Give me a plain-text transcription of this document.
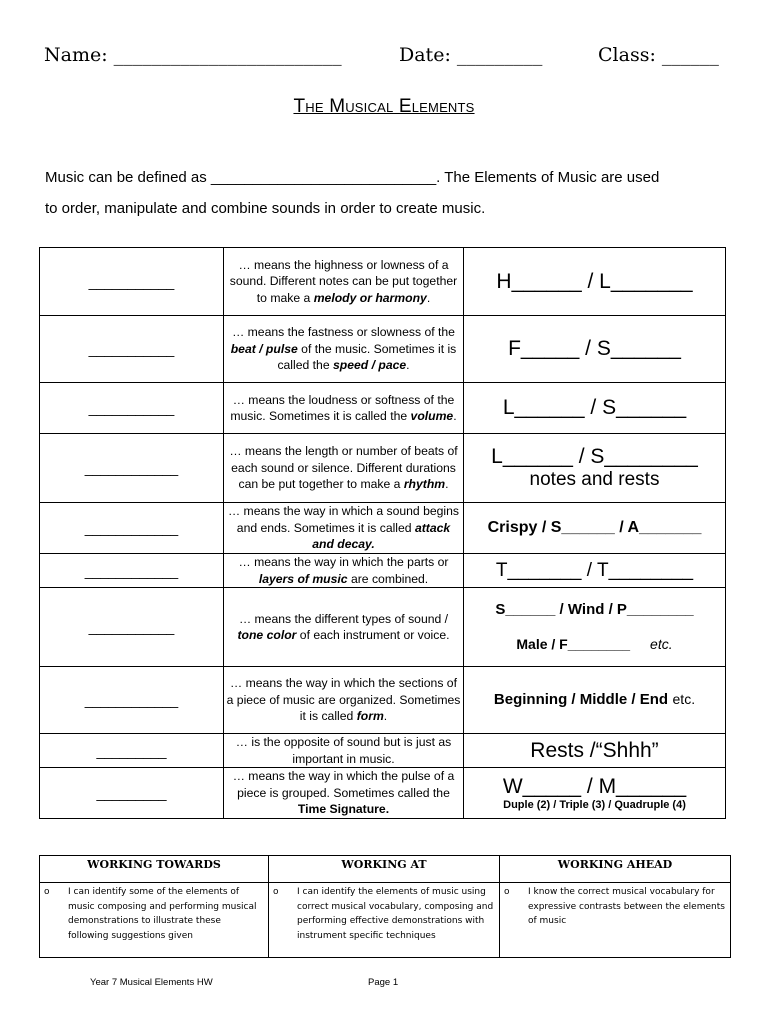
Name: ________________________	Date: _________	Class: ______
The Musical Elements
Music can be defined as ___________________________. The Elements of Music are used
to order, manipulate and combine sounds in order to create music.
___________	… means the highness or lowness of a sound. Different notes can be put together to make a melody or harmony.	H______ / L_______
___________	… means the fastness or slowness of the beat / pulse of the music. Sometimes it is called the speed / pace.	F_____ / S______
___________	… means the loudness or softness of the music. Sometimes it is called the volume.	L______ / S______
____________	… means the length or number of beats of each sound or silence. Different durations can be put together to make a rhythm.	L______ / S________
notes and rests

____________	… means the way in which a sound begins and ends. Sometimes it is called attack and decay.	Crispy / S______ / A_______
____________	… means the way in which the parts or layers of music are combined.	T_______ / T________
___________	… means the different types of sound / tone color of each instrument or voice.	S______ / Wind / P________
Male / F________ etc.

____________	… means the way in which the sections of a piece of music are organized. Sometimes it is called form.	Beginning / Middle / End etc.
_________	… is the opposite of sound but is just as important in music.	Rests /“Shhh”
_________	… means the way in which the pulse of a piece is grouped. Sometimes called the Time Signature.	W_____ / M______
Duple (2) / Triple (3) / Quadruple (4)
WORKING TOWARDS	WORKING AT	WORKING AHEAD

o I can identify some of the elements of music composing and performing musical demonstrations to illustrate these following suggestions given	o I can identify the elements of music using correct musical vocabulary, composing and performing effective demonstrations with instrument specific techniques	o I know the correct musical vocabulary for expressive contrasts between the elements of music
Year 7 Musical Elements HW	Page 1
